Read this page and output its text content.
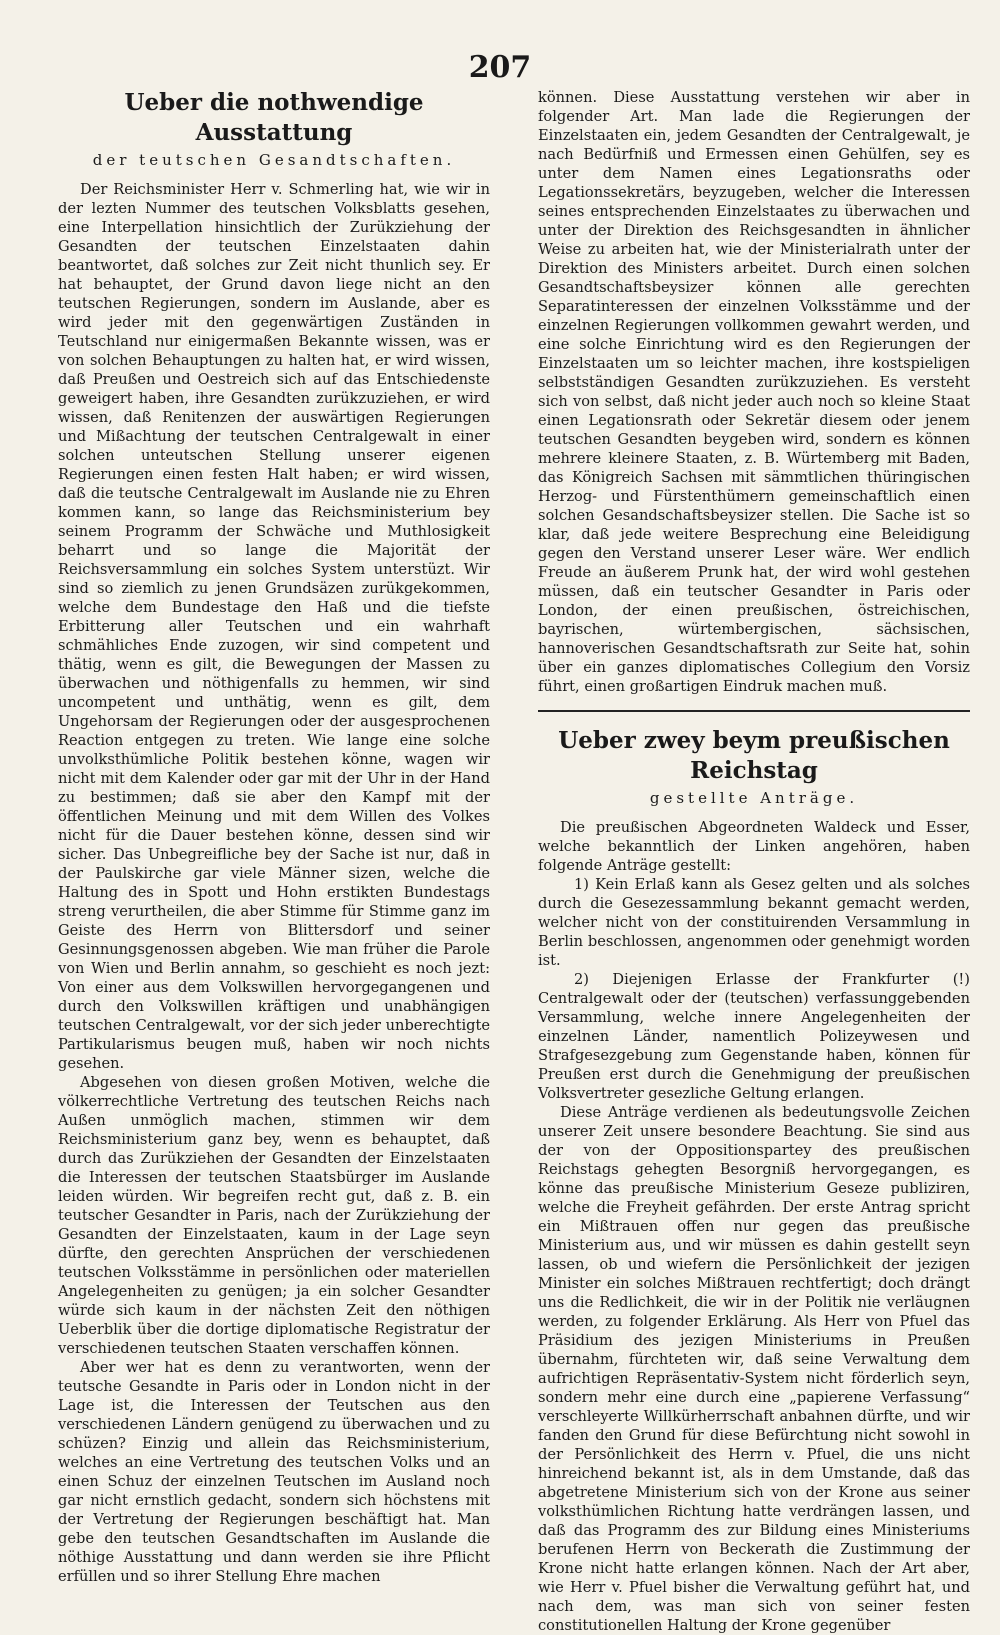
207
Ueber die nothwendige Ausstattung
der teutschen Gesandtschaften.

Der Reichsminister Herr v. Schmerling hat, wie wir in der lezten Nummer des teutschen Volksblatts gesehen, eine Interpellation hinsichtlich der Zurükziehung der Gesandten der teutschen Einzelstaaten dahin beantwortet, daß solches zur Zeit nicht thunlich sey. Er hat behauptet, der Grund davon liege nicht an den teutschen Regierungen, sondern im Auslande, aber es wird jeder mit den gegenwärtigen Zuständen in Teutschland nur einigermaßen Bekannte wissen, was er von solchen Behauptungen zu halten hat, er wird wissen, daß Preußen und Oestreich sich auf das Entschiedenste geweigert haben, ihre Gesandten zurükzuziehen, er wird wissen, daß Renitenzen der auswärtigen Regierungen und Mißachtung der teutschen Centralgewalt in einer solchen unteutschen Stellung unserer eigenen Regierungen einen festen Halt haben; er wird wissen, daß die teutsche Centralgewalt im Auslande nie zu Ehren kommen kann, so lange das Reichsministerium bey seinem Programm der Schwäche und Muthlosigkeit beharrt und so lange die Majorität der Reichsversammlung ein solches System unterstüzt. Wir sind so ziemlich zu jenen Grundsäzen zurükgekommen, welche dem Bundestage den Haß und die tiefste Erbitterung aller Teutschen und ein wahrhaft schmähliches Ende zuzogen, wir sind competent und thätig, wenn es gilt, die Bewegungen der Massen zu überwachen und nöthigenfalls zu hemmen, wir sind uncompetent und unthätig, wenn es gilt, dem Ungehorsam der Regierungen oder der ausgesprochenen Reaction entgegen zu treten. Wie lange eine solche unvolksthümliche Politik bestehen könne, wagen wir nicht mit dem Kalender oder gar mit der Uhr in der Hand zu bestimmen; daß sie aber den Kampf mit der öffentlichen Meinung und mit dem Willen des Volkes nicht für die Dauer bestehen könne, dessen sind wir sicher. Das Unbegreifliche bey der Sache ist nur, daß in der Paulskirche gar viele Männer sizen, welche die Haltung des in Spott und Hohn erstikten Bundestags streng verurtheilen, die aber Stimme für Stimme ganz im Geiste des Herrn von Blittersdorf und seiner Gesinnungsgenossen abgeben. Wie man früher die Parole von Wien und Berlin annahm, so geschieht es noch jezt: Von einer aus dem Volkswillen hervorgegangenen und durch den Volkswillen kräftigen und unabhängigen teutschen Centralgewalt, vor der sich jeder unberechtigte Partikularismus beugen muß, haben wir noch nichts gesehen.

Abgesehen von diesen großen Motiven, welche die völkerrechtliche Vertretung des teutschen Reichs nach Außen unmöglich machen, stimmen wir dem Reichsministerium ganz bey, wenn es behauptet, daß durch das Zurükziehen der Gesandten der Einzelstaaten die Interessen der teutschen Staatsbürger im Auslande leiden würden. Wir begreifen recht gut, daß z. B. ein teutscher Gesandter in Paris, nach der Zurükziehung der Gesandten der Einzelstaaten, kaum in der Lage seyn dürfte, den gerechten Ansprüchen der verschiedenen teutschen Volksstämme in persönlichen oder materiellen Angelegenheiten zu genügen; ja ein solcher Gesandter würde sich kaum in der nächsten Zeit den nöthigen Ueberblik über die dortige diplomatische Registratur der verschiedenen teutschen Staaten verschaffen können.

Aber wer hat es denn zu verantworten, wenn der teutsche Gesandte in Paris oder in London nicht in der Lage ist, die Interessen der Teutschen aus den verschiedenen Ländern genügend zu überwachen und zu schüzen? Einzig und allein das Reichsministerium, welches an eine Vertretung des teutschen Volks und an einen Schuz der einzelnen Teutschen im Ausland noch gar nicht ernstlich gedacht, sondern sich höchstens mit der Vertretung der Regierungen beschäftigt hat. Man gebe den teutschen Gesandtschaften im Auslande die nöthige Ausstattung und dann werden sie ihre Pflicht erfüllen und so ihrer Stellung Ehre machen

können. Diese Ausstattung verstehen wir aber in folgender Art. Man lade die Regierungen der Einzelstaaten ein, jedem Gesandten der Centralgewalt, je nach Bedürfniß und Ermessen einen Gehülfen, sey es unter dem Namen eines Legationsraths oder Legationssekretärs, beyzugeben, welcher die Interessen seines entsprechenden Einzelstaates zu überwachen und unter der Direktion des Reichsgesandten in ähnlicher Weise zu arbeiten hat, wie der Ministerialrath unter der Direktion des Ministers arbeitet. Durch einen solchen Gesandtschaftsbeysizer können alle gerechten Separatinteressen der einzelnen Volksstämme und der einzelnen Regierungen vollkommen gewahrt werden, und eine solche Einrichtung wird es den Regierungen der Einzelstaaten um so leichter machen, ihre kostspieligen selbstständigen Gesandten zurükzuziehen. Es versteht sich von selbst, daß nicht jeder auch noch so kleine Staat einen Legationsrath oder Sekretär diesem oder jenem teutschen Gesandten beygeben wird, sondern es können mehrere kleinere Staaten, z. B. Würtemberg mit Baden, das Königreich Sachsen mit sämmtlichen thüringischen Herzog- und Fürstenthümern gemeinschaftlich einen solchen Gesandschaftsbeysizer stellen. Die Sache ist so klar, daß jede weitere Besprechung eine Beleidigung gegen den Verstand unserer Leser wäre. Wer endlich Freude an äußerem Prunk hat, der wird wohl gestehen müssen, daß ein teutscher Gesandter in Paris oder London, der einen preußischen, östreichischen, bayrischen, würtembergischen, sächsischen, hannoverischen Gesandtschaftsrath zur Seite hat, sohin über ein ganzes diplomatisches Collegium den Vorsiz führt, einen großartigen Eindruk machen muß.

Ueber zwey beym preußischen Reichstag
gestellte Anträge.

Die preußischen Abgeordneten Waldeck und Esser, welche bekanntlich der Linken angehören, haben folgende Anträge gestellt:

1) Kein Erlaß kann als Gesez gelten und als solches durch die Gesezessammlung bekannt gemacht werden, welcher nicht von der constituirenden Versammlung in Berlin beschlossen, angenommen oder genehmigt worden ist.

2) Diejenigen Erlasse der Frankfurter (!) Centralgewalt oder der (teutschen) verfassunggebenden Versammlung, welche innere Angelegenheiten der einzelnen Länder, namentlich Polizeywesen und Strafgesezgebung zum Gegenstande haben, können für Preußen erst durch die Genehmigung der preußischen Volksvertreter gesezliche Geltung erlangen.

Diese Anträge verdienen als bedeutungsvolle Zeichen unserer Zeit unsere besondere Beachtung. Sie sind aus der von der Oppositionspartey des preußischen Reichstags gehegten Besorgniß hervorgegangen, es könne das preußische Ministerium Geseze publiziren, welche die Freyheit gefährden. Der erste Antrag spricht ein Mißtrauen offen nur gegen das preußische Ministerium aus, und wir müssen es dahin gestellt seyn lassen, ob und wiefern die Persönlichkeit der jezigen Minister ein solches Mißtrauen rechtfertigt; doch drängt uns die Redlichkeit, die wir in der Politik nie verläugnen werden, zu folgender Erklärung. Als Herr von Pfuel das Präsidium des jezigen Ministeriums in Preußen übernahm, fürchteten wir, daß seine Verwaltung dem aufrichtigen Repräsentativ-System nicht förderlich seyn, sondern mehr eine durch eine „papierene Verfassung“ verschleyerte Willkürherrschaft anbahnen dürfte, und wir fanden den Grund für diese Befürchtung nicht sowohl in der Persönlichkeit des Herrn v. Pfuel, die uns nicht hinreichend bekannt ist, als in dem Umstande, daß das abgetretene Ministerium sich von der Krone aus seiner volksthümlichen Richtung hatte verdrängen lassen, und daß das Programm des zur Bildung eines Ministeriums berufenen Herrn von Beckerath die Zustimmung der Krone nicht hatte erlangen können. Nach der Art aber, wie Herr v. Pfuel bisher die Verwaltung geführt hat, und nach dem, was man sich von seiner festen constitutionellen Haltung der Krone gegenüber
